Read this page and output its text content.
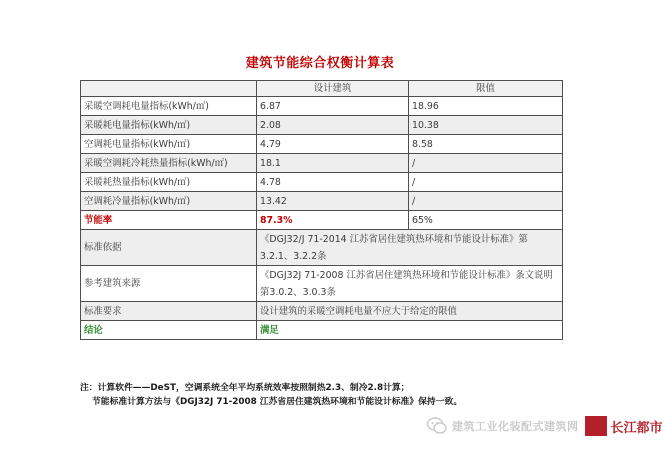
建筑节能综合权衡计算表
	设计建筑	限值
采暖空调耗电量指标(kWh/㎡)	6.87	18.96
采暖耗电量指标(kWh/㎡)	2.08	10.38
空调耗电量指标(kWh/㎡)	4.79	8.58
采暖空调耗冷耗热量指标(kWh/㎡)	18.1	/
采暖耗热量指标(kWh/㎡)	4.78	/
空调耗冷量指标(kWh/㎡)	13.42	/
节能率	87.3%	65%
标准依据	《DGJ32/J 71-2014 江苏省居住建筑热环境和节能设计标准》第3.2.1、3.2.2条	
参考建筑来源	《DGJ32J 71-2008 江苏省居住建筑热环境和节能设计标准》条文说明第3.0.2、3.0.3条	
标准要求	设计建筑的采暖空调耗电量不应大于给定的限值	
结论	满足	
注：计算软件——DeST，空调系统全年平均系统效率按照制热2.3、制冷2.8计算；
节能标准计算方法与《DGJ32J 71-2008 江苏省居住建筑热环境和节能设计标准》保持一致。
建筑工业化装配式建筑网 长江都市
